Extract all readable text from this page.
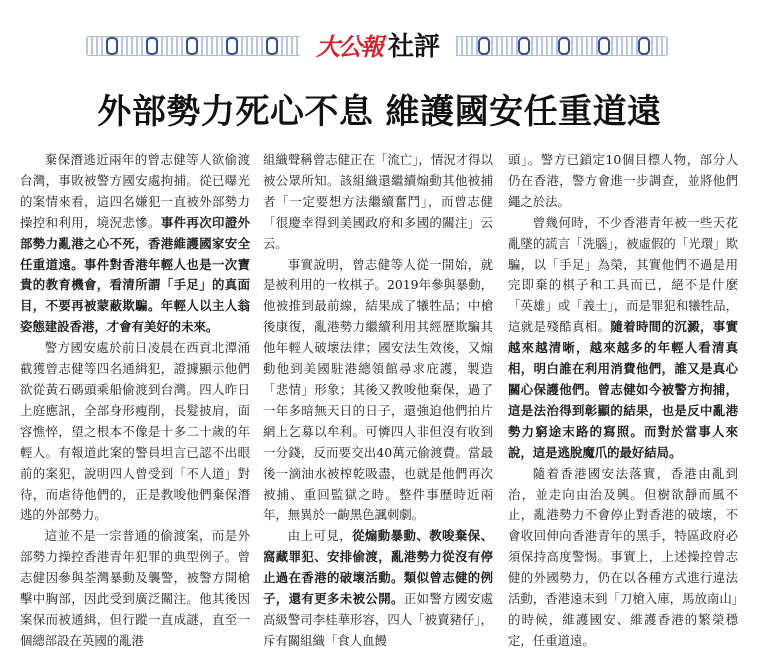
大公報 社評
外部勢力死心不息 維護國安任重道遠

棄保潛逃近兩年的曾志健等人欲偷渡台灣，事敗被警方國安處拘捕。從已曝光的案情來看，這四名嫌犯一直被外部勢力操控和利用，境況悲慘。事件再次印證外部勢力亂港之心不死，香港維護國家安全任重道遠。事件對香港年輕人也是一次寶貴的教育機會，看清所謂「手足」的真面目，不要再被蒙蔽欺騙。年輕人以主人翁姿態建設香港，才會有美好的未來。

警方國安處於前日凌晨在西貢北潭涌截獲曾志健等四名通緝犯，證據顯示他們欲從黃石碼頭乘船偷渡到台灣。四人昨日上庭應訊，全部身形瘦削，長髮披肩，面容憔悴，望之根本不像是十多二十歲的年輕人。有報道此案的警員坦言已認不出眼前的案犯，說明四人曾受到「不人道」對待，而虐待他們的，正是教唆他們棄保潛逃的外部勢力。

這並不是一宗普通的偷渡案，而是外部勢力操控香港青年犯罪的典型例子。曾志健因參與荃灣暴動及襲警，被警方開槍擊中胸部，因此受到廣泛關注。他其後因案保而被通緝，但行蹤一直成謎，直至一個總部設在英國的亂港

組織聲稱曾志健正在「流亡」，情況才得以被公眾所知。該組織還繼續煽動其他被捕者「一定要想方法繼續奮鬥」，而曾志健「很慶幸得到美國政府和多國的關注」云云。

事實說明，曾志健等人從一開始，就是被利用的一枚棋子。2019年參與暴動，他被推到最前線，結果成了犧牲品；中槍後康復，亂港勢力繼續利用其經歷欺騙其他年輕人破壞法律；國安法生效後，又煽動他到美國駐港總領館尋求庇護，製造「悲情」形象；其後又教唆他棄保，過了一年多暗無天日的日子，還強迫他們拍片網上乞募以牟利。可憐四人非但沒有收到一分錢，反而要交出40萬元偷渡費。當最後一滴油水被榨乾吸盡，也就是他們再次被捕、重回監獄之時。整件事歷時近兩年，無異於一齣黑色諷刺劇。

由上可見，從煽動暴動、教唆棄保、窩藏罪犯、安排偷渡，亂港勢力從沒有停止過在香港的破壞活動。類似曾志健的例子，還有更多未被公開。正如警方國安處高級警司李桂華形容，四人「被賣豬仔」，斥有關組織「食人血饅

頭」。警方已鎖定10個目標人物，部分人仍在香港，警方會進一步調查，並將他們繩之於法。

曾幾何時，不少香港青年被一些天花亂墜的謊言「洗腦」，被虛假的「光環」欺騙，以「手足」為榮，其實他們不過是用完即棄的棋子和工具而已，絕不是什麼「英雄」或「義士」，而是罪犯和犧牲品，這就是殘酷真相。隨着時間的沉澱，事實越來越清晰，越來越多的年輕人看清真相，明白誰在利用消費他們，誰又是真心關心保護他們。曾志健如今被警方拘捕，這是法治得到彰顯的結果，也是反中亂港勢力窮途末路的寫照。而對於當事人來說，這是逃脫魔爪的最好結局。

隨着香港國安法落實，香港由亂到治，並走向由治及興。但樹欲靜而風不止，亂港勢力不會停止對香港的破壞，不會收回伸向香港青年的黑手，特區政府必須保持高度警惕。事實上，上述操控曾志健的外國勢力，仍在以各種方式進行違法活動，香港遠未到「刀槍入庫，馬放南山」的時候，維護國安、維護香港的繁榮穩定，任重道遠。
